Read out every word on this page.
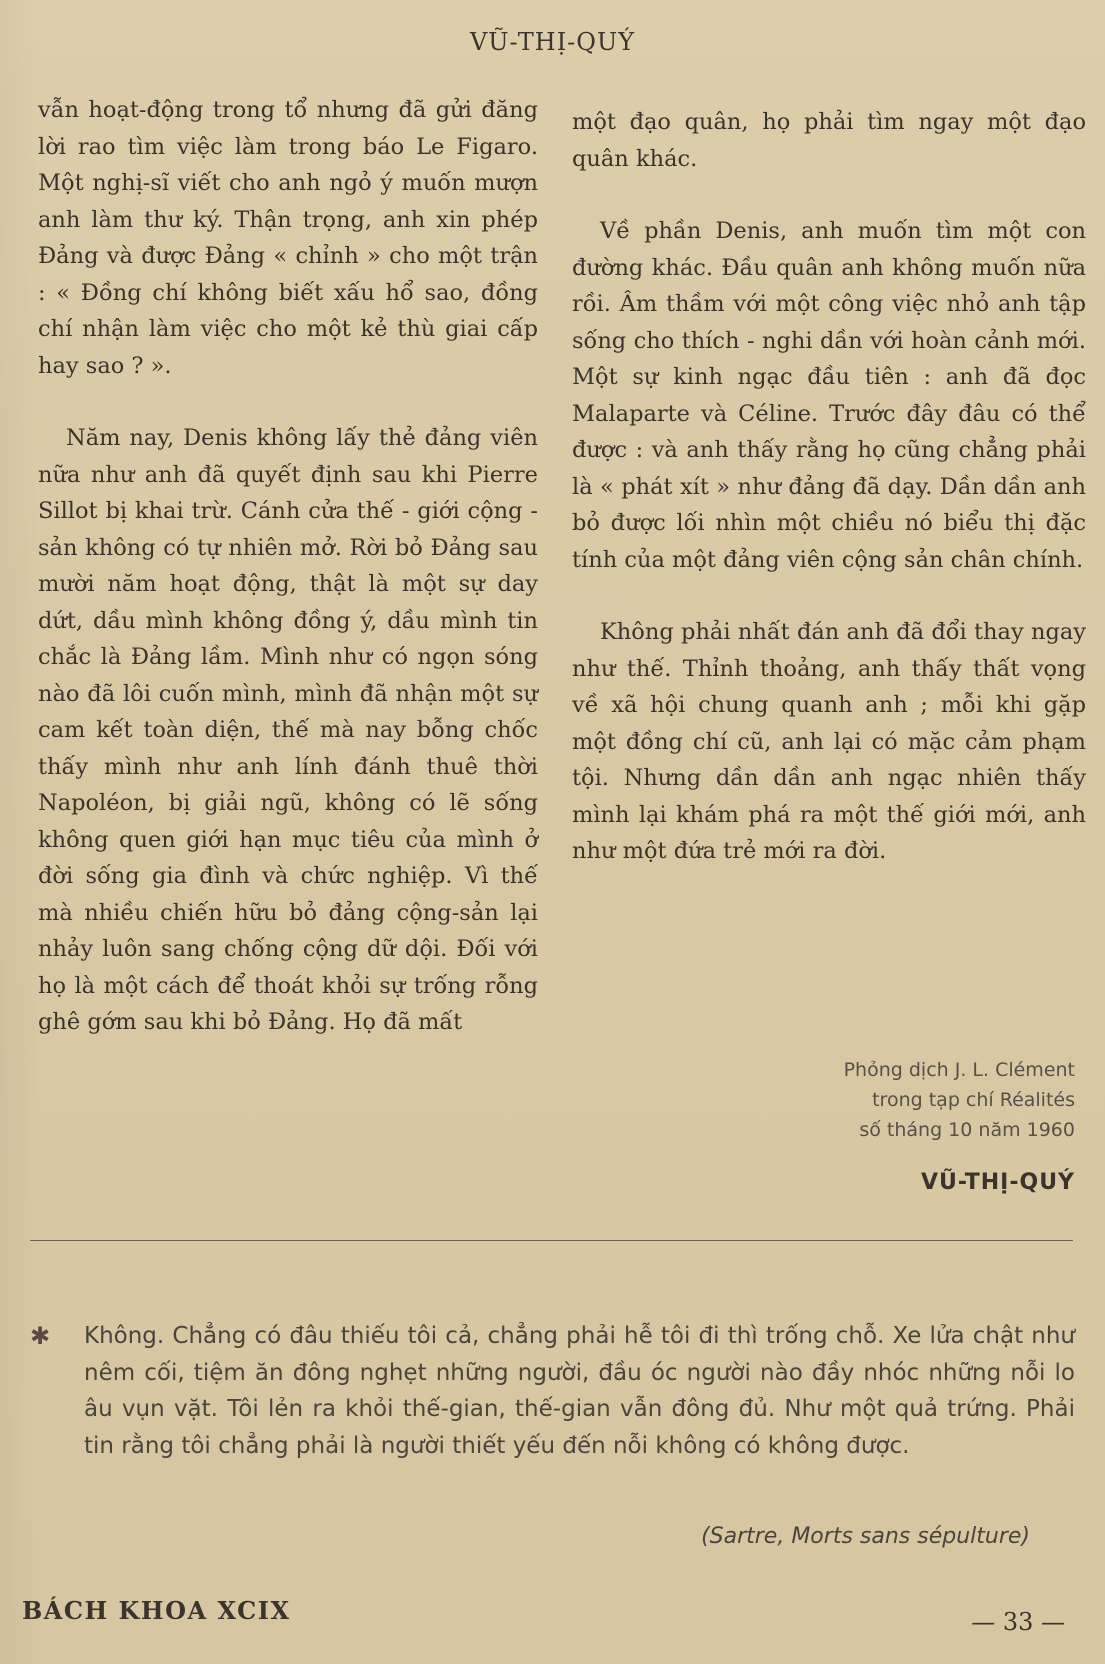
VŨ-THỊ-QUÝ

vẫn hoạt-động trong tổ nhưng đã gửi đăng lời rao tìm việc làm trong báo Le Figaro. Một nghị-sĩ viết cho anh ngỏ ý muốn mượn anh làm thư ký. Thận trọng, anh xin phép Đảng và được Đảng « chỉnh » cho một trận : « Đồng chí không biết xấu hổ sao, đồng chí nhận làm việc cho một kẻ thù giai cấp hay sao ? ».

Năm nay, Denis không lấy thẻ đảng viên nữa như anh đã quyết định sau khi Pierre Sillot bị khai trừ. Cánh cửa thế - giới cộng - sản không có tự nhiên mở. Rời bỏ Đảng sau mười năm hoạt động, thật là một sự day dứt, dầu mình không đồng ý, dầu mình tin chắc là Đảng lầm. Mình như có ngọn sóng nào đã lôi cuốn mình, mình đã nhận một sự cam kết toàn diện, thế mà nay bỗng chốc thấy mình như anh lính đánh thuê thời Napoléon, bị giải ngũ, không có lẽ sống không quen giới hạn mục tiêu của mình ở đời sống gia đình và chức nghiệp. Vì thế mà nhiều chiến hữu bỏ đảng cộng-sản lại nhảy luôn sang chống cộng dữ dội. Đối với họ là một cách để thoát khỏi sự trống rỗng ghê gớm sau khi bỏ Đảng. Họ đã mất

một đạo quân, họ phải tìm ngay một đạo quân khác.

Về phần Denis, anh muốn tìm một con đường khác. Đầu quân anh không muốn nữa rồi. Âm thầm với một công việc nhỏ anh tập sống cho thích - nghi dần với hoàn cảnh mới. Một sự kinh ngạc đầu tiên : anh đã đọc Malaparte và Céline. Trước đây đâu có thể được : và anh thấy rằng họ cũng chẳng phải là « phát xít » như đảng đã dạy. Dần dần anh bỏ được lối nhìn một chiều nó biểu thị đặc tính của một đảng viên cộng sản chân chính.

Không phải nhất đán anh đã đổi thay ngay như thế. Thỉnh thoảng, anh thấy thất vọng về xã hội chung quanh anh ; mỗi khi gặp một đồng chí cũ, anh lại có mặc cảm phạm tội. Nhưng dần dần anh ngạc nhiên thấy mình lại khám phá ra một thế giới mới, anh như một đứa trẻ mới ra đời.

Phỏng dịch J. L. Clément
trong tạp chí Réalités
số tháng 10 năm 1960
VŨ-THỊ-QUÝ
✱ Không. Chẳng có đâu thiếu tôi cả, chẳng phải hễ tôi đi thì trống chỗ. Xe lửa chật như nêm cối, tiệm ăn đông nghẹt những người, đầu óc người nào đầy nhóc những nỗi lo âu vụn vặt. Tôi lẻn ra khỏi thế-gian, thế-gian vẫn đông đủ. Như một quả trứng. Phải tin rằng tôi chẳng phải là người thiết yếu đến nỗi không có không được.
(Sartre, Morts sans sépulture)
BÁCH KHOA XCIX	— 33 —
